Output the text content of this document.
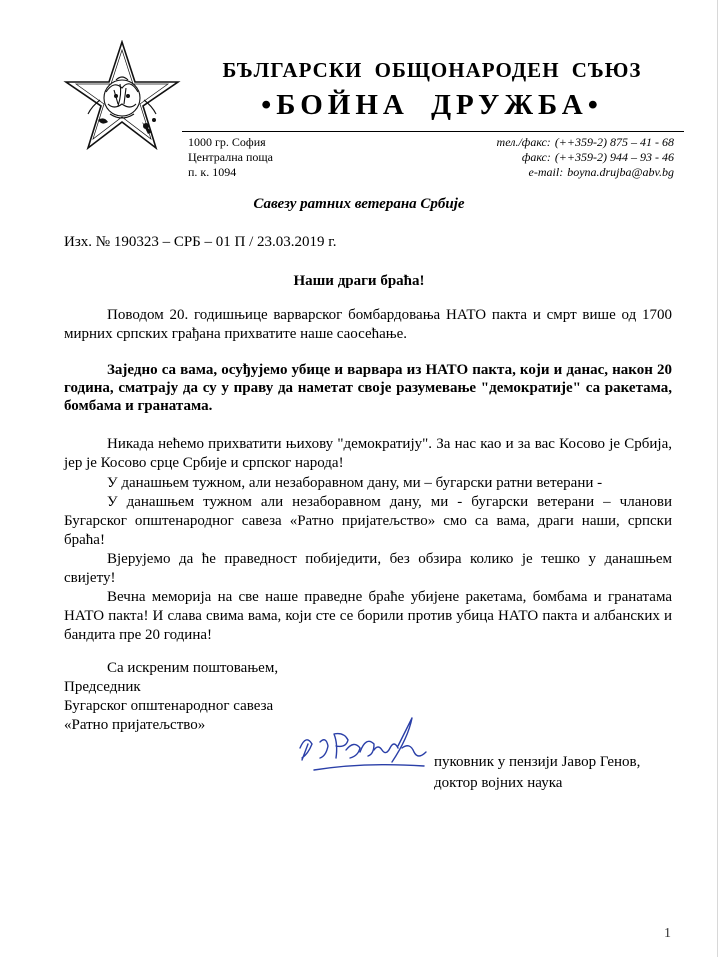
БЪЛГАРСКИ ОБЩОНАРОДЕН СЪЮЗ
•БОЙНА ДРУЖБА•
1000 гр. София
Централна поща
п. к. 1094
тел./факс: (++359-2) 875 – 41 - 68
факс: (++359-2) 944 – 93 - 46
e-mail: boyna.drujba@abv.bg
Савезу ратних ветерана Србије
Изх. № 190323 – СРБ – 01 П / 23.03.2019 г.
Наши драги браћа!

Поводом 20. годишњице варварског бомбардовања НАТО пакта и смрт више од 1700 мирних српских грађана прихватите наше саосећање.

Заједно са вама, осуђујемо убице и варвара из НАТО пакта, који и данас, након 20 година, сматрају да су у праву да наметат своје разумевање "демократије" са ракетама, бомбама и гранатама.

Никада нећемо прихватити њихову "демократију". За нас као и за вас Косово је Србија, јер је Косово срце Србије и српског народа!

У данашњем тужном, али незаборавном дану, ми – бугарски ратни ветерани -

У данашњем тужном али незаборавном дану, ми - бугарски ветерани – чланови Бугарског општенародног савеза «Ратно пријатељство» смо са вама, драги наши, српски браћа!

Вјерујемо да ће праведност побиједити, без обзира колико је тешко у данашњем свијету!

Вечна меморија на све наше праведне браће убијене ракетама, бомбама и гранатама НАТО пакта! И слава свима вама, који сте се борили против убица НАТО пакта и албанских и бандита пре 20 година!

Са искреним поштовањем,
Председник
Бугарског општенародног савеза
«Ратно пријатељство»
пуковник у пензији Јавор Генов,
доктор војних наука
1
